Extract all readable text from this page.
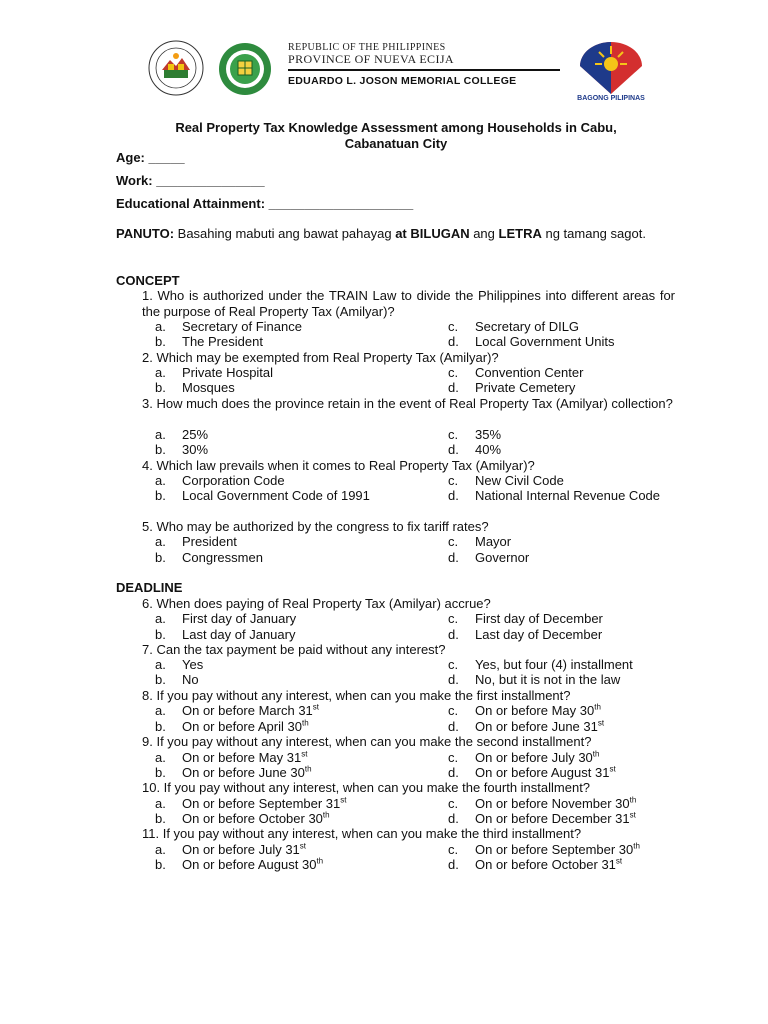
REPUBLIC OF THE PHILIPPINES
PROVINCE OF NUEVA ECIJA
EDUARDO L. JOSON MEMORIAL COLLEGE
BAGONG PILIPINAS
Real Property Tax Knowledge Assessment among Households in Cabu,
Cabanatuan City
Age: _____
Work: _______________
Educational Attainment: ____________________
PANUTO: Basahing mabuti ang bawat pahayag at BILUGAN ang LETRA ng tamang sagot.
CONCEPT
DEADLINE
1. Who is authorized under the TRAIN Law to divide the Philippines into different areas for the purpose of Real Property Tax (Amilyar)?
a. Secretary of Finance
b. The President
c. Secretary of DILG
d. Local Government Units
2. Which may be exempted from Real Property Tax (Amilyar)?
a. Private Hospital
b. Mosques
c. Convention Center
d. Private Cemetery
3. How much does the province retain in the event of Real Property Tax (Amilyar) collection?
a. 25%
b. 30%
c. 35%
d. 40%
4. Which law prevails when it comes to Real Property Tax (Amilyar)?
a. Corporation Code
b. Local Government Code of 1991
c. New Civil Code
d. National Internal Revenue Code
5. Who may be authorized by the congress to fix tariff rates?
a. President
b. Congressmen
c. Mayor
d. Governor
6. When does paying of Real Property Tax (Amilyar) accrue?
a. First day of January
b. Last day of January
c. First day of December
d. Last day of December
7. Can the tax payment be paid without any interest?
a. Yes
b. No
c. Yes, but four (4) installment
d. No, but it is not in the law
8. If you pay without any interest, when can you make the first installment?
a. On or before March 31st
b. On or before April 30th
c. On or before May 30th
d. On or before June 31st
9. If you pay without any interest, when can you make the second installment?
a. On or before May 31st
b. On or before June 30th
c. On or before July 30th
d. On or before August 31st
10. If you pay without any interest, when can you make the fourth installment?
a. On or before September 31st
b. On or before October 30th
c. On or before November 30th
d. On or before December 31st
11. If you pay without any interest, when can you make the third installment?
a. On or before July 31st
b. On or before August 30th
c. On or before September 30th
d. On or before October 31st
